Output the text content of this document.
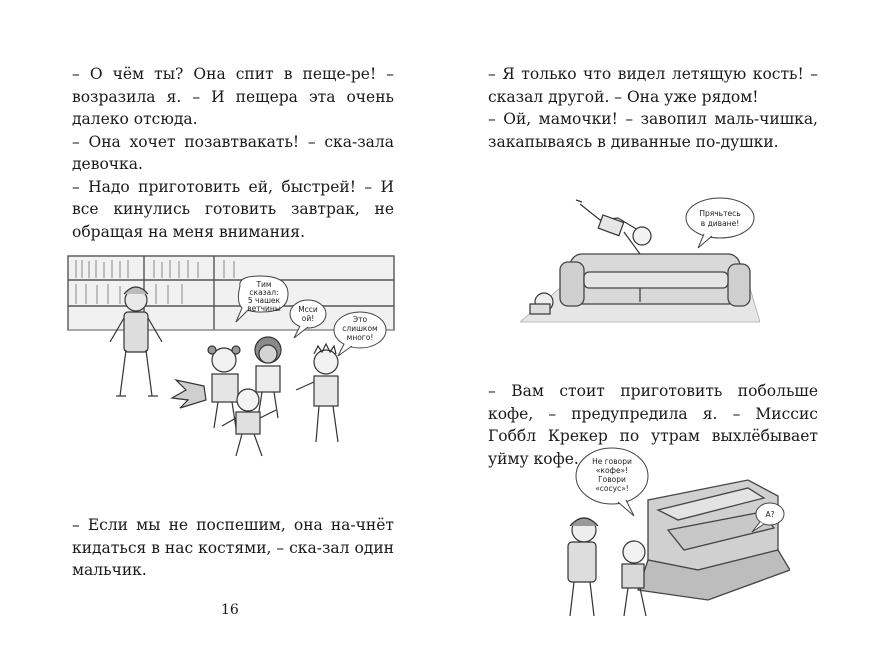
– О чём ты? Она спит в пеще-ре! – возразила я. – И пещера эта очень далеко отсюда.

– Она хочет позавтвакать! – ска-зала девочка.

– Надо приготовить ей, быстрей! – И все кинулись готовить завтрак, не обращая на меня внимания.

Тим
сказал:
5 чашек
ветчины Мсси
ой!	Это
слишком
много!

– Если мы не поспешим, она на-чнёт кидаться в нас костями, – ска-зал один мальчик.

16

– Я только что видел летящую кость! – сказал другой. – Она уже рядом!

– Ой, мамочки! – завопил маль-чишка, закапываясь в диванные по-душки.

– Вам стоит приготовить побольше кофе, – предупредила я. – Миссис Гоббл Крекер по утрам выхлёбывает уйму кофе.

Прячьтесь
в диване!
Не говори
«кофе»!
Говори
«coсус»!
А?
